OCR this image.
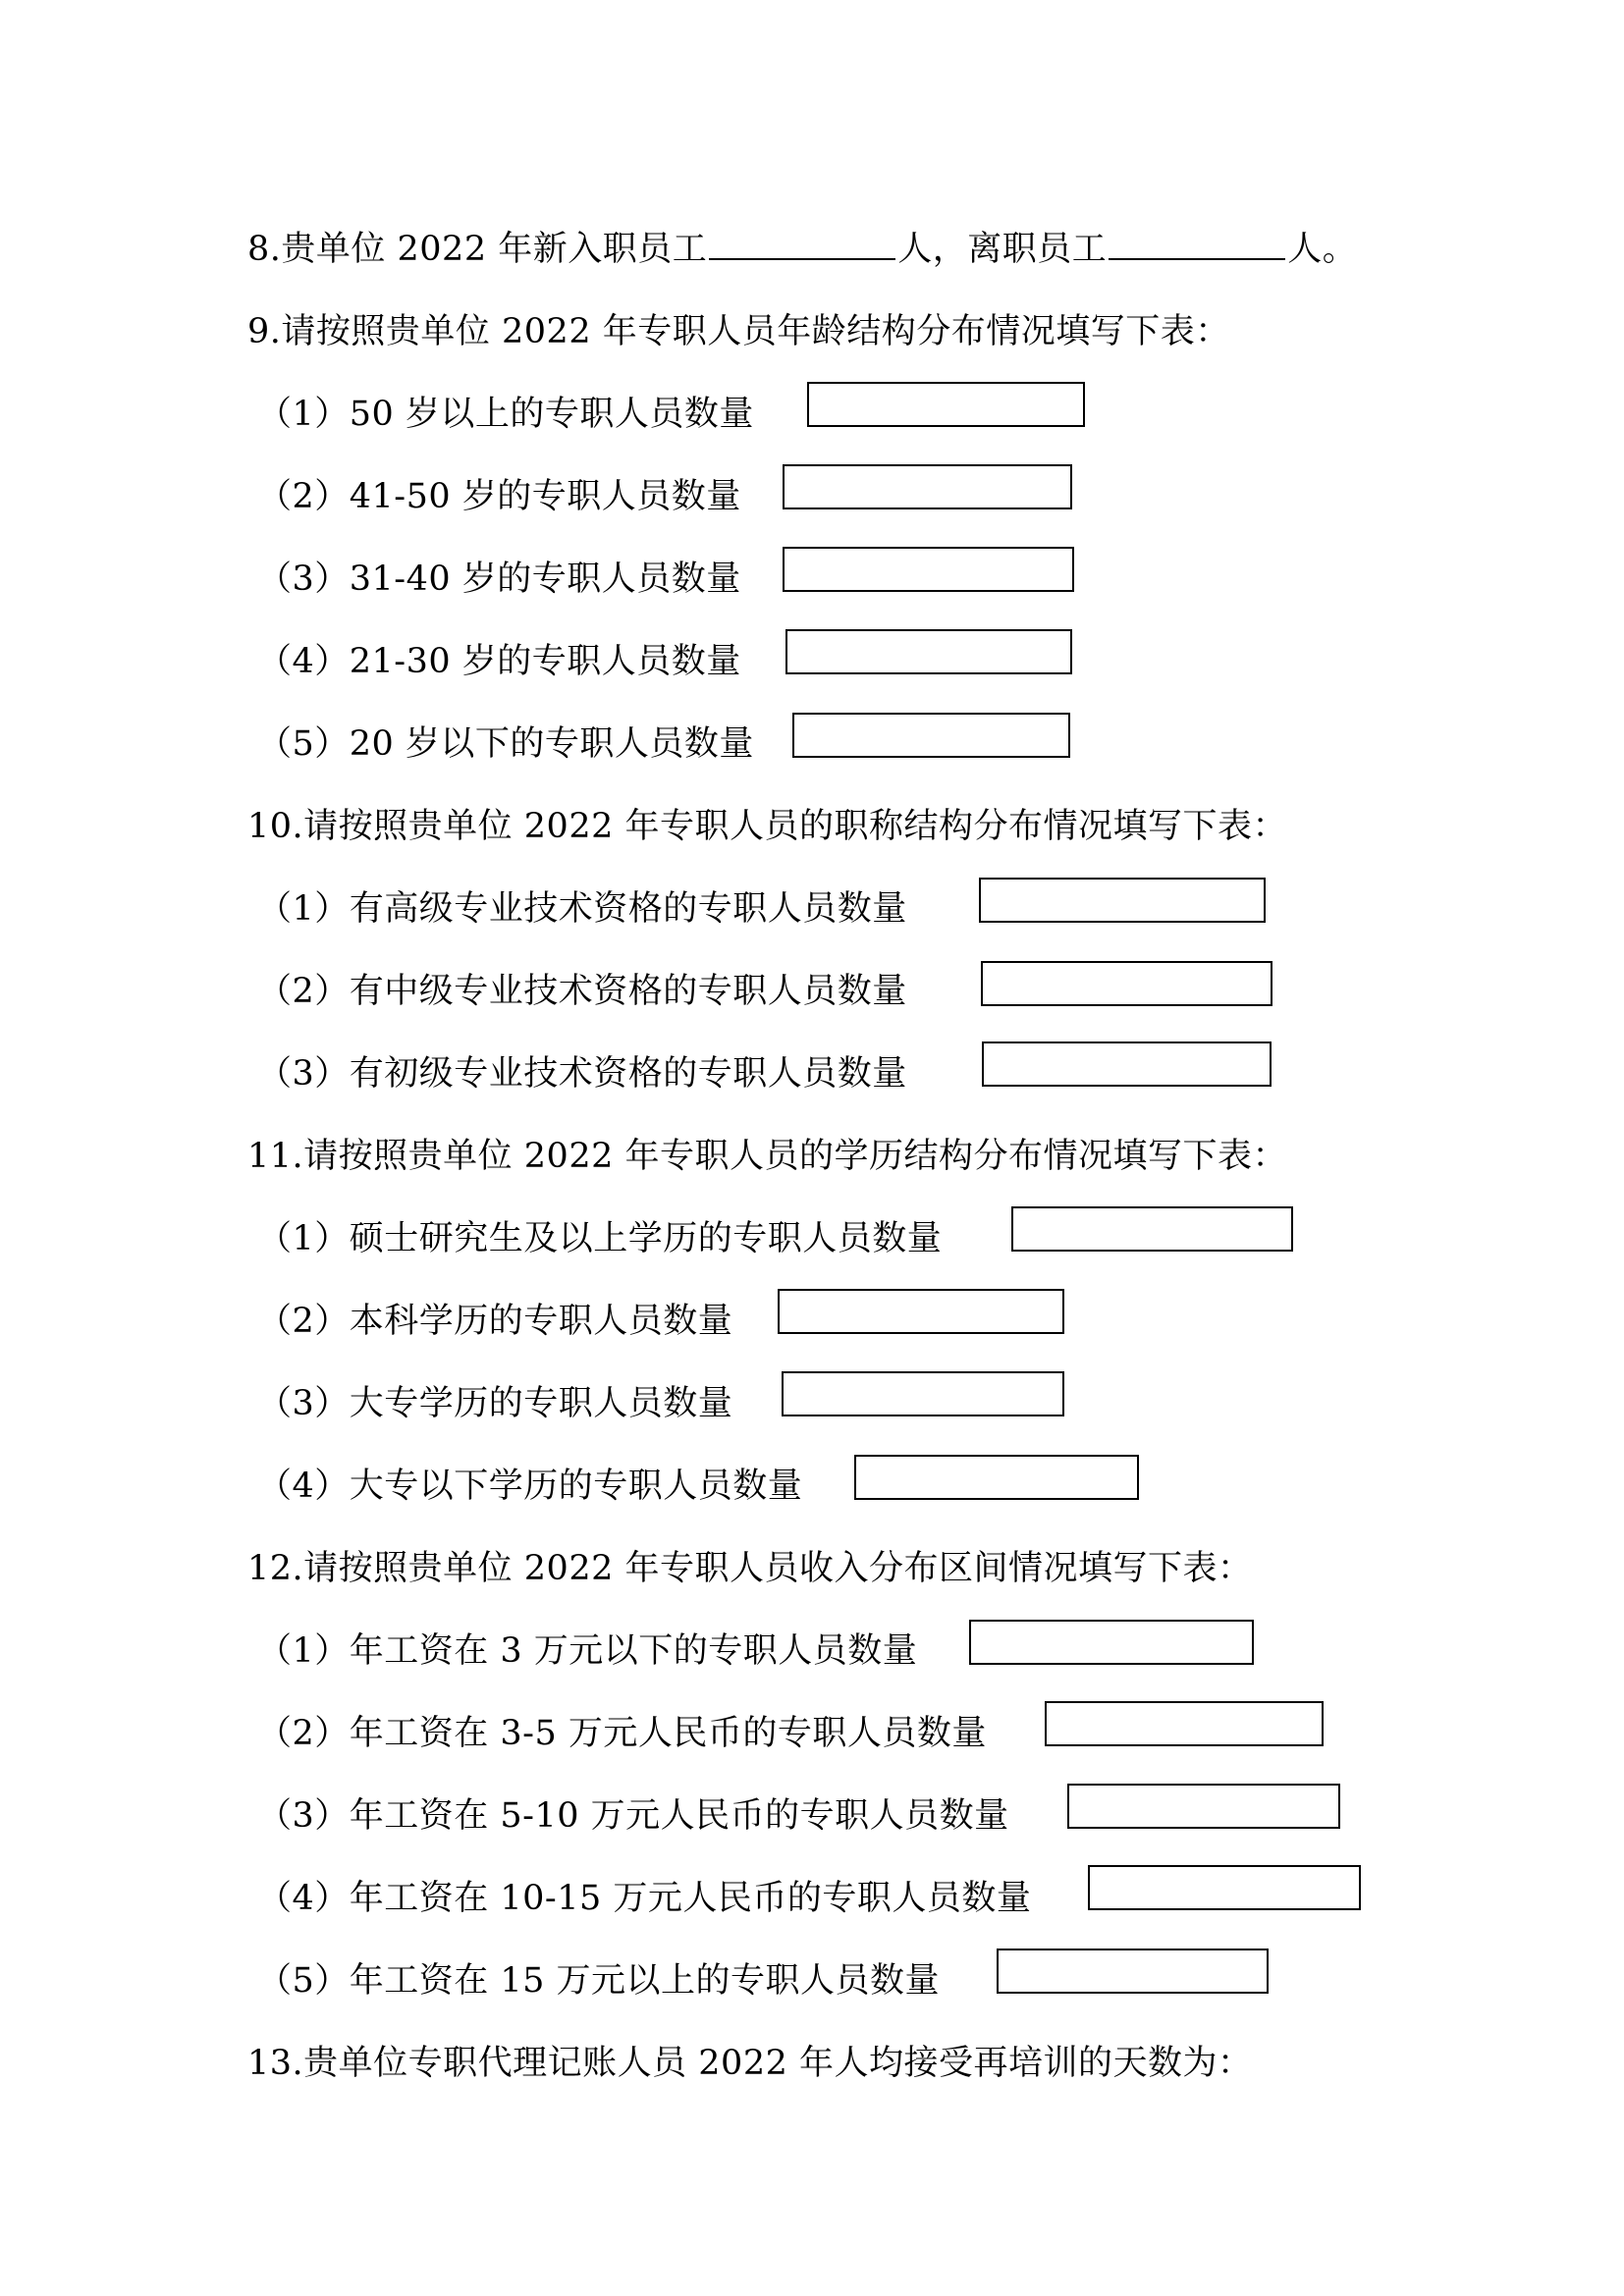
8.贵单位 2022 年新入职员工	人，离职员工	人。
9.请按照贵单位 2022 年专职人员年龄结构分布情况填写下表：
（1）50 岁以上的专职人员数量
（2）41-50 岁的专职人员数量
（3）31-40 岁的专职人员数量
（4）21-30 岁的专职人员数量
（5）20 岁以下的专职人员数量
10.请按照贵单位 2022 年专职人员的职称结构分布情况填写下表：
（1）有高级专业技术资格的专职人员数量
（2）有中级专业技术资格的专职人员数量
（3）有初级专业技术资格的专职人员数量
11.请按照贵单位 2022 年专职人员的学历结构分布情况填写下表：
（1）硕士研究生及以上学历的专职人员数量
（2）本科学历的专职人员数量
（3）大专学历的专职人员数量
（4）大专以下学历的专职人员数量
12.请按照贵单位 2022 年专职人员收入分布区间情况填写下表：
（1）年工资在 3 万元以下的专职人员数量
（2）年工资在 3-5 万元人民币的专职人员数量
（3）年工资在 5-10 万元人民币的专职人员数量
（4）年工资在 10-15 万元人民币的专职人员数量
（5）年工资在 15 万元以上的专职人员数量
13.贵单位专职代理记账人员 2022 年人均接受再培训的天数为：
